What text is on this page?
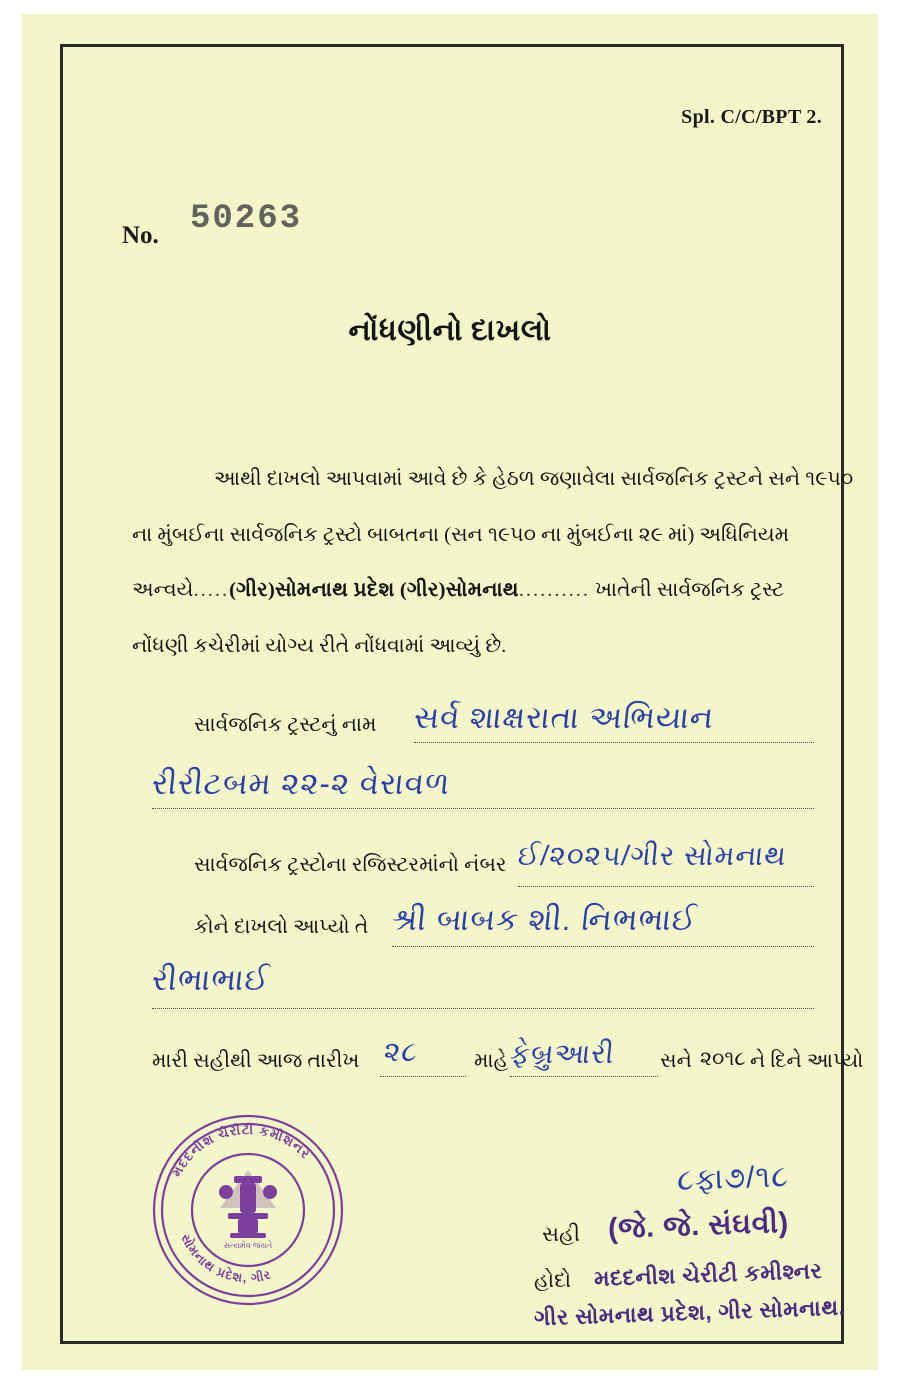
Spl. C/C/BPT 2.
No. 50263
નોંધણીનો દાખલો
આથી દાખલો આપવામાં આવે છે કે હેઠળ જણાવેલા સાર્વજનિક ટ્રસ્ટને સને ૧૯૫૦
ના મુંબઈના સાર્વજનિક ટ્રસ્ટો બાબતના (સન ૧૯૫૦ ના મુંબઈના ૨૯ માં) અધિનિયમ
અન્વયે.....(ગીર)સોમનાથ પ્રદેશ (ગીર)સોમનાથ.......... ખાતેની સાર્વજનિક ટ્રસ્ટ
નોંધણી કચેરીમાં યોગ્ય રીતે નોંધવામાં આવ્યું છે.
સાર્વજનિક ટ્રસ્ટનું નામ સર્વ શાક્ષરાતા અભિયાન
રીરીટબમ ૨૨-૨ વેરાવળ
સાર્વજનિક ટ્રસ્ટોના રજિસ્ટરમાંનો નંબર ઈ/૨૦૨૫/ગીર સોમનાથ
કોને દાખલો આપ્યો તે શ્રી બાબક શી. નિભભાઈ
રીભાભાઈ
મારી સહીથી આજ તારીખ ૨૮	માહે ફેબ્રુઆરી સને ૨૦૧૮ ને દિને આપ્યો
સત્યમેવ જયતે
મદદનીશ ચેરીટી કમીશનર
સોમનાથ પ્રદેશ, ગીર
૮ફા૭/૧૮
સહી (જે. જે. સંઘવી)
હોદો મદદનીશ ચેરીટી કમીશ્નર
ગીર સોમનાથ પ્રદેશ, ગીર સોમનાથ.
